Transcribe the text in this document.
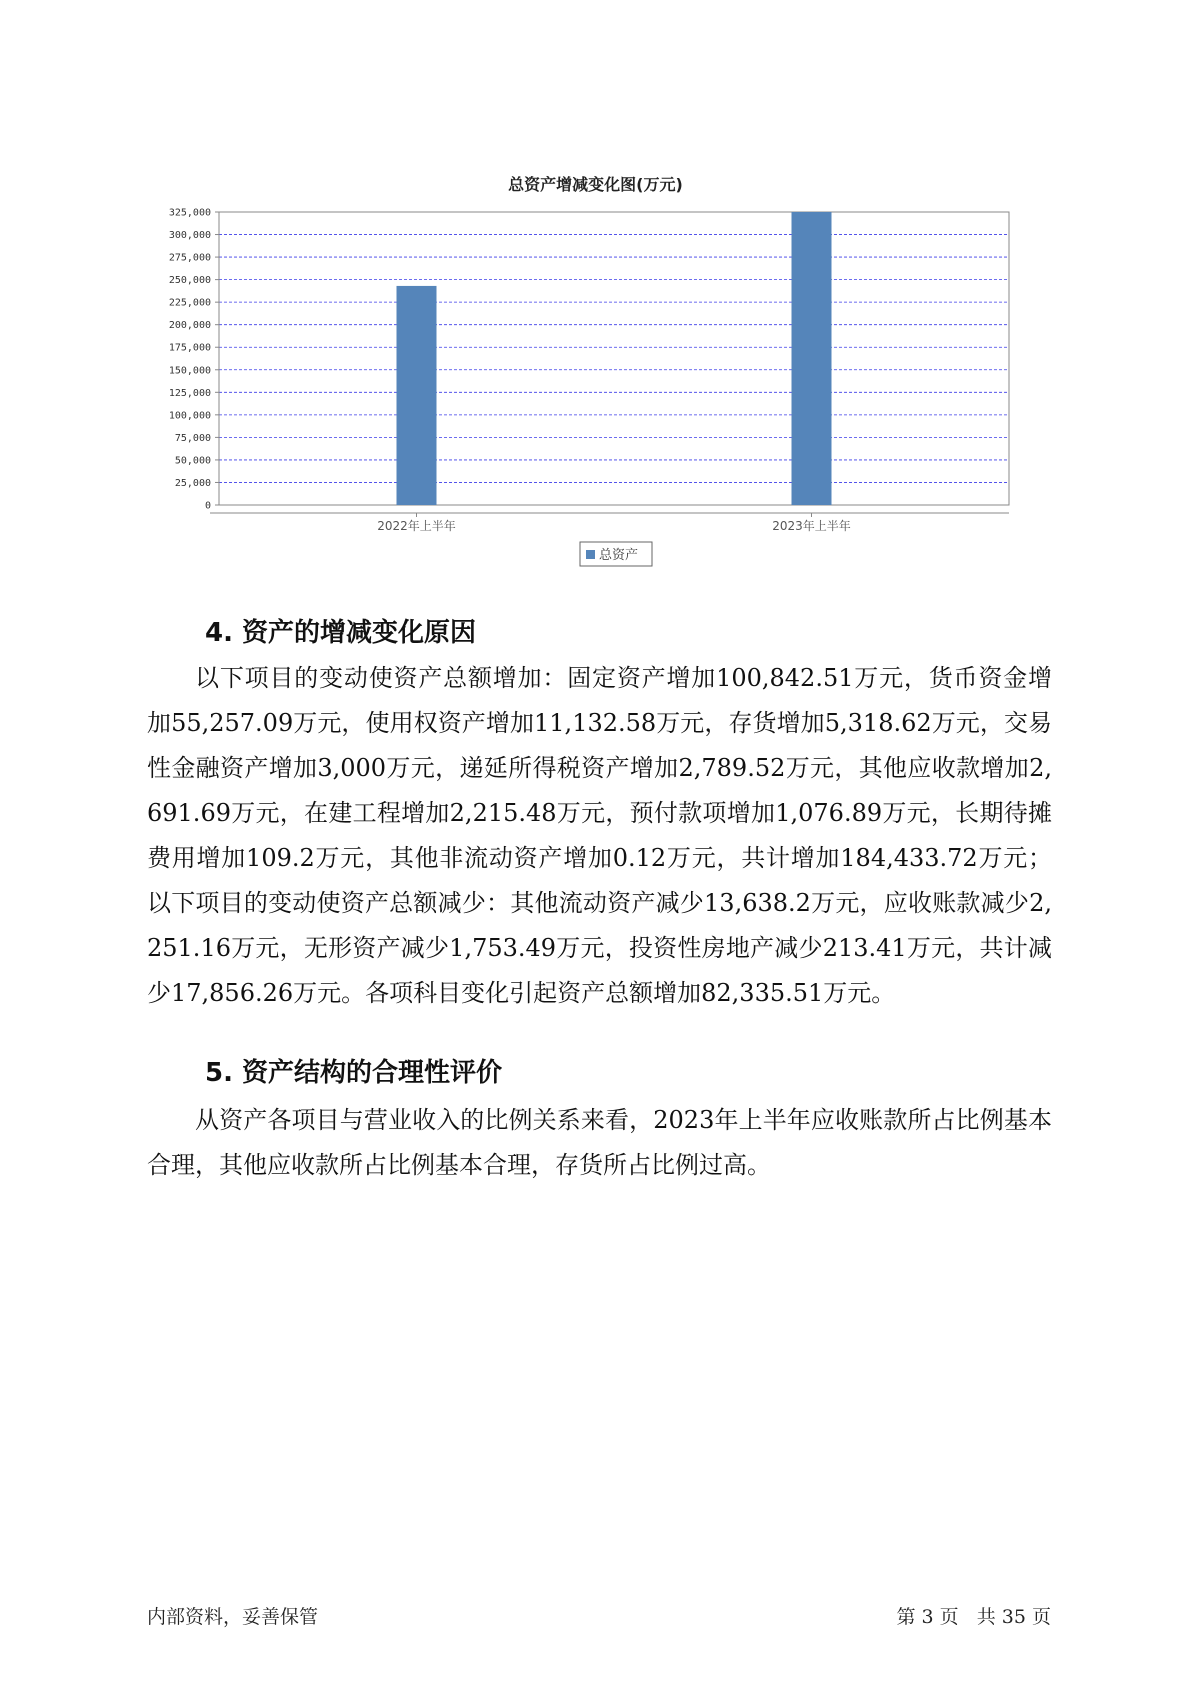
总资产增减变化图(万元)
0
25,000
50,000
75,000
100,000
125,000
150,000
175,000
200,000
225,000
250,000
275,000
300,000
325,000
2022年上半年	2023年上半年
总资产
4. 资产的增减变化原因
以下项目的变动使资产总额增加：固定资产增加100,842.51万元，货币资金增加55,257.09万元，使用权资产增加11,132.58万元，存货增加5,318.62万元，交易性金融资产增加3,000万元，递延所得税资产增加2,789.52万元，其他应收款增加2,691.69万元，在建工程增加2,215.48万元，预付款项增加1,076.89万元，长期待摊费用增加109.2万元，其他非流动资产增加0.12万元，共计增加184,433.72万元；以下项目的变动使资产总额减少：其他流动资产减少13,638.2万元，应收账款减少2,251.16万元，无形资产减少1,753.49万元，投资性房地产减少213.41万元，共计减少17,856.26万元。各项科目变化引起资产总额增加82,335.51万元。
5. 资产结构的合理性评价
从资产各项目与营业收入的比例关系来看，2023年上半年应收账款所占比例基本合理，其他应收款所占比例基本合理，存货所占比例过高。
内部资料，妥善保管	第 3 页   共 35 页
